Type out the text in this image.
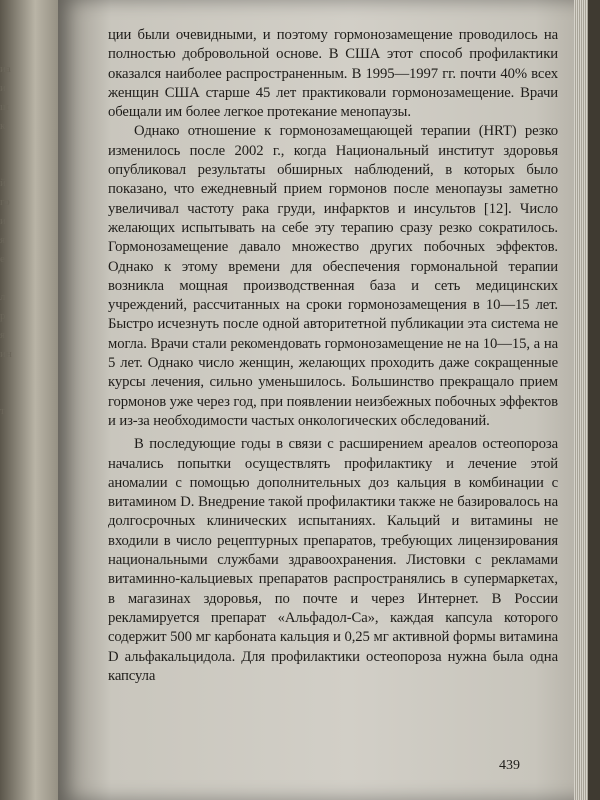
иа
и
ш
к

й
го
и
я
е

л
р
я
ин

т

ции были очевидными, и поэтому гормонозамещение проводилось на полностью добровольной основе. В США этот способ профилактики оказался наиболее распространенным. В 1995—1997 гг. почти 40% всех женщин США старше 45 лет практиковали гормонозамещение. Врачи обещали им более легкое протекание менопаузы.

Однако отношение к гормонозамещающей терапии (HRT) резко изменилось после 2002 г., когда Национальный институт здоровья опубликовал результаты обширных наблюдений, в которых было показано, что ежедневный прием гормонов после менопаузы заметно увеличивал частоту рака груди, инфарктов и инсультов [12]. Число желающих испытывать на себе эту терапию сразу резко сократилось. Гормонозамещение давало множество других побочных эффектов. Однако к этому времени для обеспечения гормональной терапии возникла мощная производственная база и сеть медицинских учреждений, рассчитанных на сроки гормонозамещения в 10—15 лет. Быстро исчезнуть после одной авторитетной публикации эта система не могла. Врачи стали рекомендовать гормонозамещение не на 10—15, а на 5 лет. Однако число женщин, желающих проходить даже сокращенные курсы лечения, сильно уменьшилось. Большинство прекращало прием гормонов уже через год, при появлении неизбежных побочных эффектов и из-за необходимости частых онкологических обследований.

В последующие годы в связи с расширением ареалов остеопороза начались попытки осуществлять профилактику и лечение этой аномалии с помощью дополнительных доз кальция в комбинации с витамином D. Внедрение такой профилактики также не базировалось на долгосрочных клинических испытаниях. Кальций и витамины не входили в число рецептурных препаратов, требующих лицензирования национальными службами здравоохранения. Листовки с рекламами витаминно-кальциевых препаратов распространялись в супермаркетах, в магазинах здоровья, по почте и через Интернет. В России рекламируется препарат «Альфадол-Са», каждая капсула которого содержит 500 мг карбоната кальция и 0,25 мг активной формы витамина D альфакальцидола. Для профилактики остеопороза нужна была одна капсула

439
